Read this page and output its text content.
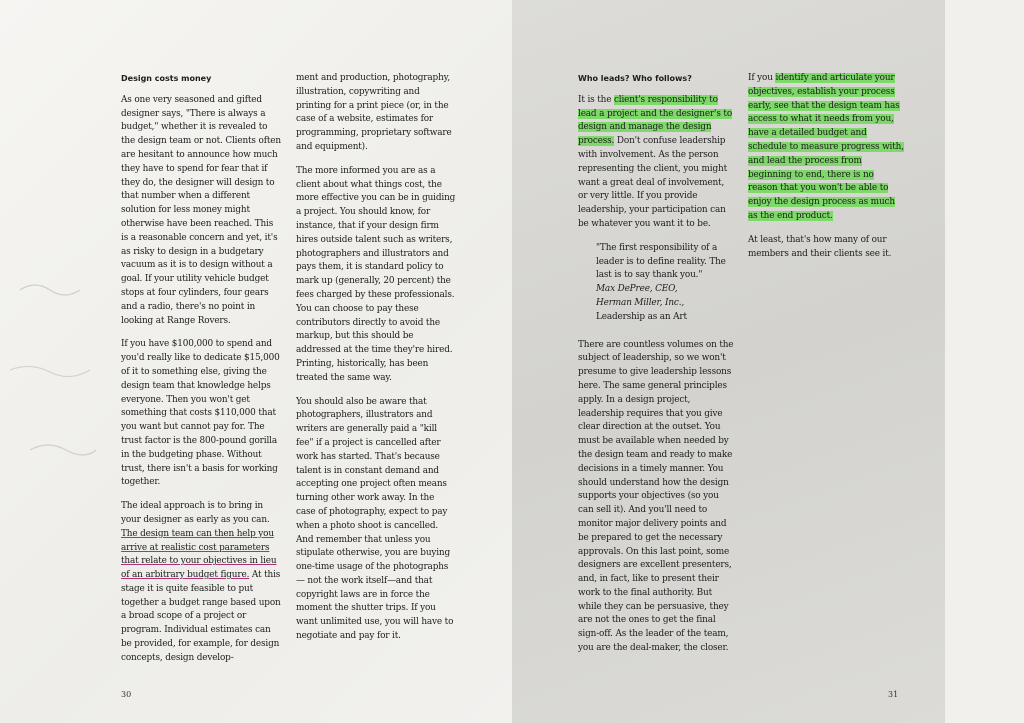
Design costs money

As one very seasoned and gifted designer says, "There is always a budget," whether it is revealed to the design team or not. Clients often are hesitant to announce how much they have to spend for fear that if they do, the designer will design to that number when a different solution for less money might otherwise have been reached. This is a reasonable concern and yet, it's as risky to design in a budgetary vacuum as it is to design without a goal. If your utility vehicle budget stops at four cylinders, four gears and a radio, there's no point in looking at Range Rovers.

If you have $100,000 to spend and you'd really like to dedicate $15,000 of it to something else, giving the design team that knowledge helps everyone. Then you won't get something that costs $110,000 that you want but cannot pay for. The trust factor is the 800-pound gorilla in the budgeting phase. Without trust, there isn't a basis for working together.

The ideal approach is to bring in your designer as early as you can. The design team can then help you arrive at realistic cost parameters that relate to your objectives in lieu of an arbitrary budget figure. At this stage it is quite feasible to put together a budget range based upon a broad scope of a project or program. Individual estimates can be provided, for example, for design concepts, design develop-

ment and production, photography, illustration, copywriting and printing for a print piece (or, in the case of a website, estimates for programming, proprietary software and equipment).

The more informed you are as a client about what things cost, the more effective you can be in guiding a project. You should know, for instance, that if your design firm hires outside talent such as writers, photographers and illustrators and pays them, it is standard policy to mark up (generally, 20 percent) the fees charged by these professionals. You can choose to pay these contributors directly to avoid the markup, but this should be addressed at the time they're hired. Printing, historically, has been treated the same way.

You should also be aware that photographers, illustrators and writers are generally paid a "kill fee" if a project is cancelled after work has started. That's because talent is in constant demand and accepting one project often means turning other work away. In the case of photography, expect to pay when a photo shoot is cancelled. And remember that unless you stipulate otherwise, you are buying one-time usage of the photographs— not the work itself—and that copyright laws are in force the moment the shutter trips. If you want unlimited use, you will have to negotiate and pay for it.

30
Who leads? Who follows?

It is the client's responsibility to lead a project and the designer's to design and manage the design process. Don't confuse leadership with involvement. As the person representing the client, you might want a great deal of involvement, or very little. If you provide leadership, your participation can be whatever you want it to be.

"The first responsibility of a leader is to define reality. The last is to say thank you."
Max DePree, CEO,
Herman Miller, Inc.,
Leadership as an Art

There are countless volumes on the subject of leadership, so we won't presume to give leadership lessons here. The same general principles apply. In a design project, leadership requires that you give clear direction at the outset. You must be available when needed by the design team and ready to make decisions in a timely manner. You should understand how the design supports your objectives (so you can sell it). And you'll need to monitor major delivery points and be prepared to get the necessary approvals. On this last point, some designers are excellent presenters, and, in fact, like to present their work to the final authority. But while they can be persuasive, they are not the ones to get the final sign-off. As the leader of the team, you are the deal-maker, the closer.

If you identify and articulate your objectives, establish your process early, see that the design team has access to what it needs from you, have a detailed budget and schedule to measure progress with, and lead the process from beginning to end, there is no reason that you won't be able to enjoy the design process as much as the end product.

At least, that's how many of our members and their clients see it.

31
